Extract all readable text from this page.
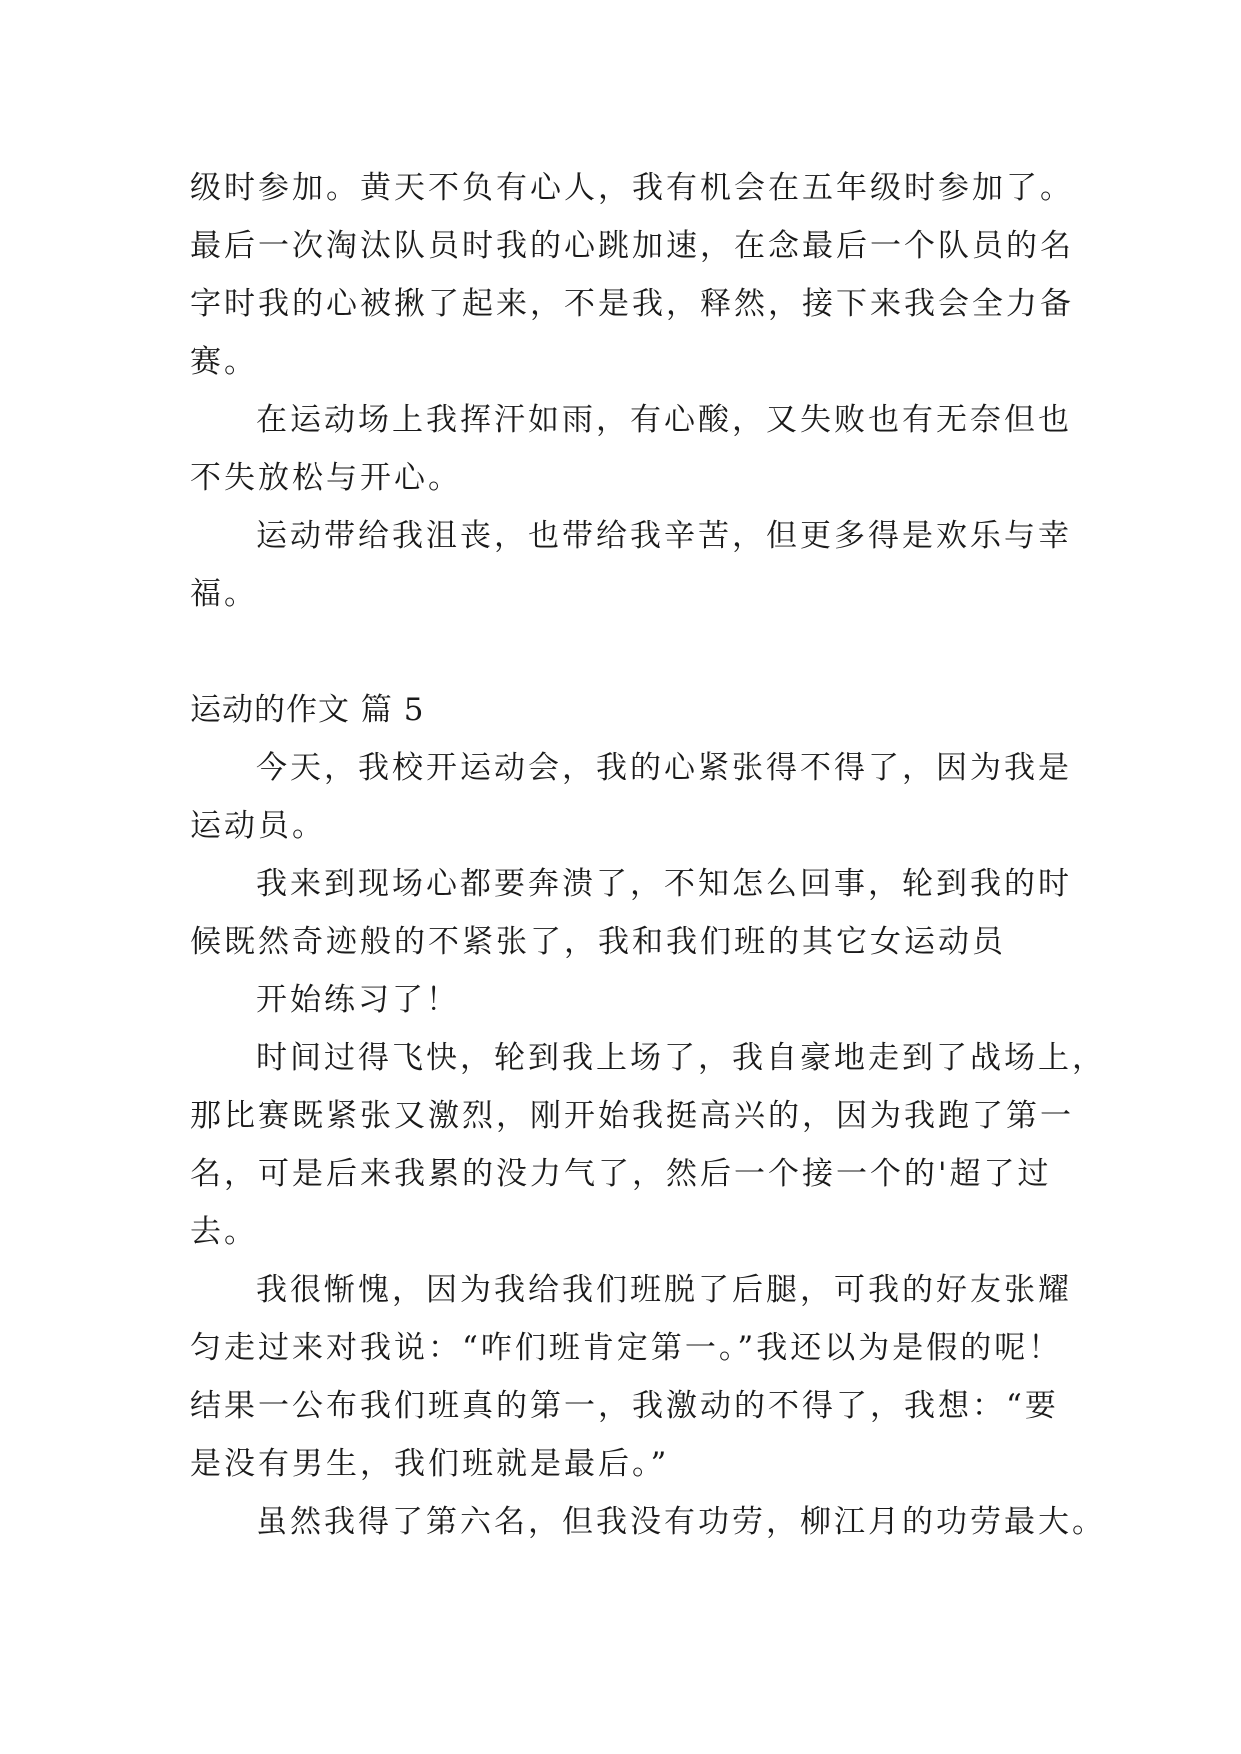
级时参加。黄天不负有心人，我有机会在五年级时参加了。
最后一次淘汰队员时我的心跳加速，在念最后一个队员的名
字时我的心被揪了起来，不是我，释然，接下来我会全力备
赛。
在运动场上我挥汗如雨，有心酸，又失败也有无奈但也
不失放松与开心。
运动带给我沮丧，也带给我辛苦，但更多得是欢乐与幸
福。
运动的作文 篇 5
今天，我校开运动会，我的心紧张得不得了，因为我是
运动员。
我来到现场心都要奔溃了，不知怎么回事，轮到我的时
候既然奇迹般的不紧张了，我和我们班的其它女运动员
开始练习了！
时间过得飞快，轮到我上场了，我自豪地走到了战场上，
那比赛既紧张又激烈，刚开始我挺高兴的，因为我跑了第一
名，可是后来我累的没力气了，然后一个接一个的'超了过
去。
我很惭愧，因为我给我们班脱了后腿，可我的好友张耀
匀走过来对我说：“咋们班肯定第一。”我还以为是假的呢！
结果一公布我们班真的第一，我激动的不得了，我想：“要
是没有男生，我们班就是最后。”
虽然我得了第六名，但我没有功劳，柳江月的功劳最大。
